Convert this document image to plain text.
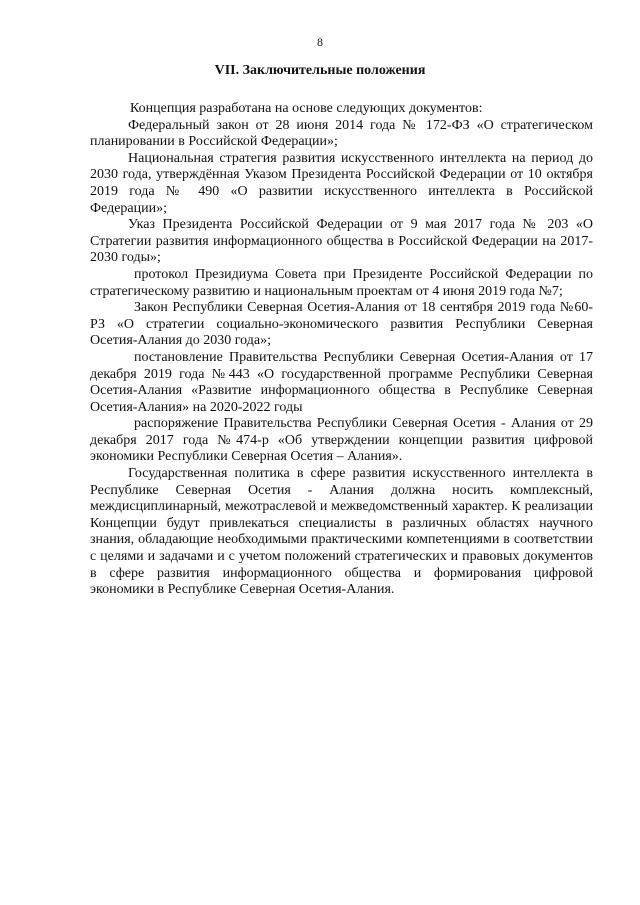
8
VII. Заключительные положения

Концепция разработана на основе следующих документов:

Федеральный закон от 28 июня 2014 года № 172-ФЗ «О стратегическом планировании в Российской Федерации»;

Национальная стратегия развития искусственного интеллекта на период до 2030 года, утверждённая Указом Президента Российской Федерации от 10 октября 2019 года № 490 «О развитии искусственного интеллекта в Российской Федерации»;

Указ Президента Российской Федерации от 9 мая 2017 года № 203 «О Стратегии развития информационного общества в Российской Федерации на 2017-2030 годы»;

протокол Президиума Совета при Президенте Российской Федерации по стратегическому развитию и национальным проектам от 4 июня 2019 года №7;

Закон Республики Северная Осетия-Алания от 18 сентября 2019 года №60-РЗ «О стратегии социально-экономического развития Республики Северная Осетия-Алания до 2030 года»;

постановление Правительства Республики Северная Осетия-Алания от 17 декабря 2019 года №443 «О государственной программе Республики Северная Осетия-Алания «Развитие информационного общества в Республике Северная Осетия-Алания» на 2020-2022 годы

распоряжение Правительства Республики Северная Осетия - Алания от 29 декабря 2017 года №474-р «Об утверждении концепции развития цифровой экономики Республики Северная Осетия – Алания».

Государственная политика в сфере развития искусственного интеллекта в Республике Северная Осетия - Алания должна носить комплексный, междисциплинарный, межотраслевой и межведомственный характер. К реализации Концепции будут привлекаться специалисты в различных областях научного знания, обладающие необходимыми практическими компетенциями в соответствии с целями и задачами и с учетом положений стратегических и правовых документов в сфере развития информационного общества и формирования цифровой экономики в Республике Северная Осетия-Алания.
